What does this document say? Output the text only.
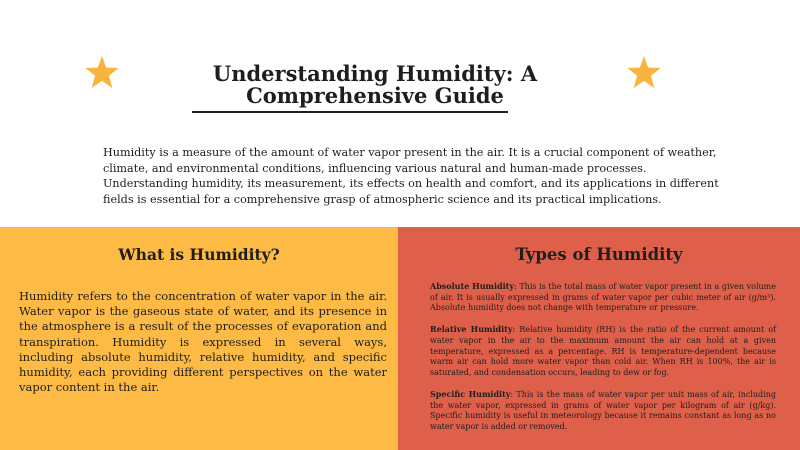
Understanding Humidity: A Comprehensive Guide

Humidity is a measure of the amount of water vapor present in the air. It is a crucial component of weather, climate, and environmental conditions, influencing various natural and human-made processes. Understanding humidity, its measurement, its effects on health and comfort, and its applications in different fields is essential for a comprehensive grasp of atmospheric science and its practical implications.

What is Humidity?

Humidity refers to the concentration of water vapor in the air. Water vapor is the gaseous state of water, and its presence in the atmosphere is a result of the processes of evaporation and transpiration. Humidity is expressed in several ways, including absolute humidity, relative humidity, and specific humidity, each providing different perspectives on the water vapor content in the air.

Types of Humidity

Absolute Humidity: This is the total mass of water vapor present in a given volume of air. It is usually expressed in grams of water vapor per cubic meter of air (g/m³). Absolute humidity does not change with temperature or pressure.

Relative Humidity: Relative humidity (RH) is the ratio of the current amount of water vapor in the air to the maximum amount the air can hold at a given temperature, expressed as a percentage. RH is temperature-dependent because warm air can hold more water vapor than cold air. When RH is 100%, the air is saturated, and condensation occurs, leading to dew or fog.

Specific Humidity: This is the mass of water vapor per unit mass of air, including the water vapor, expressed in grams of water vapor per kilogram of air (g/kg). Specific humidity is useful in meteorology because it remains constant as long as no water vapor is added or removed.
